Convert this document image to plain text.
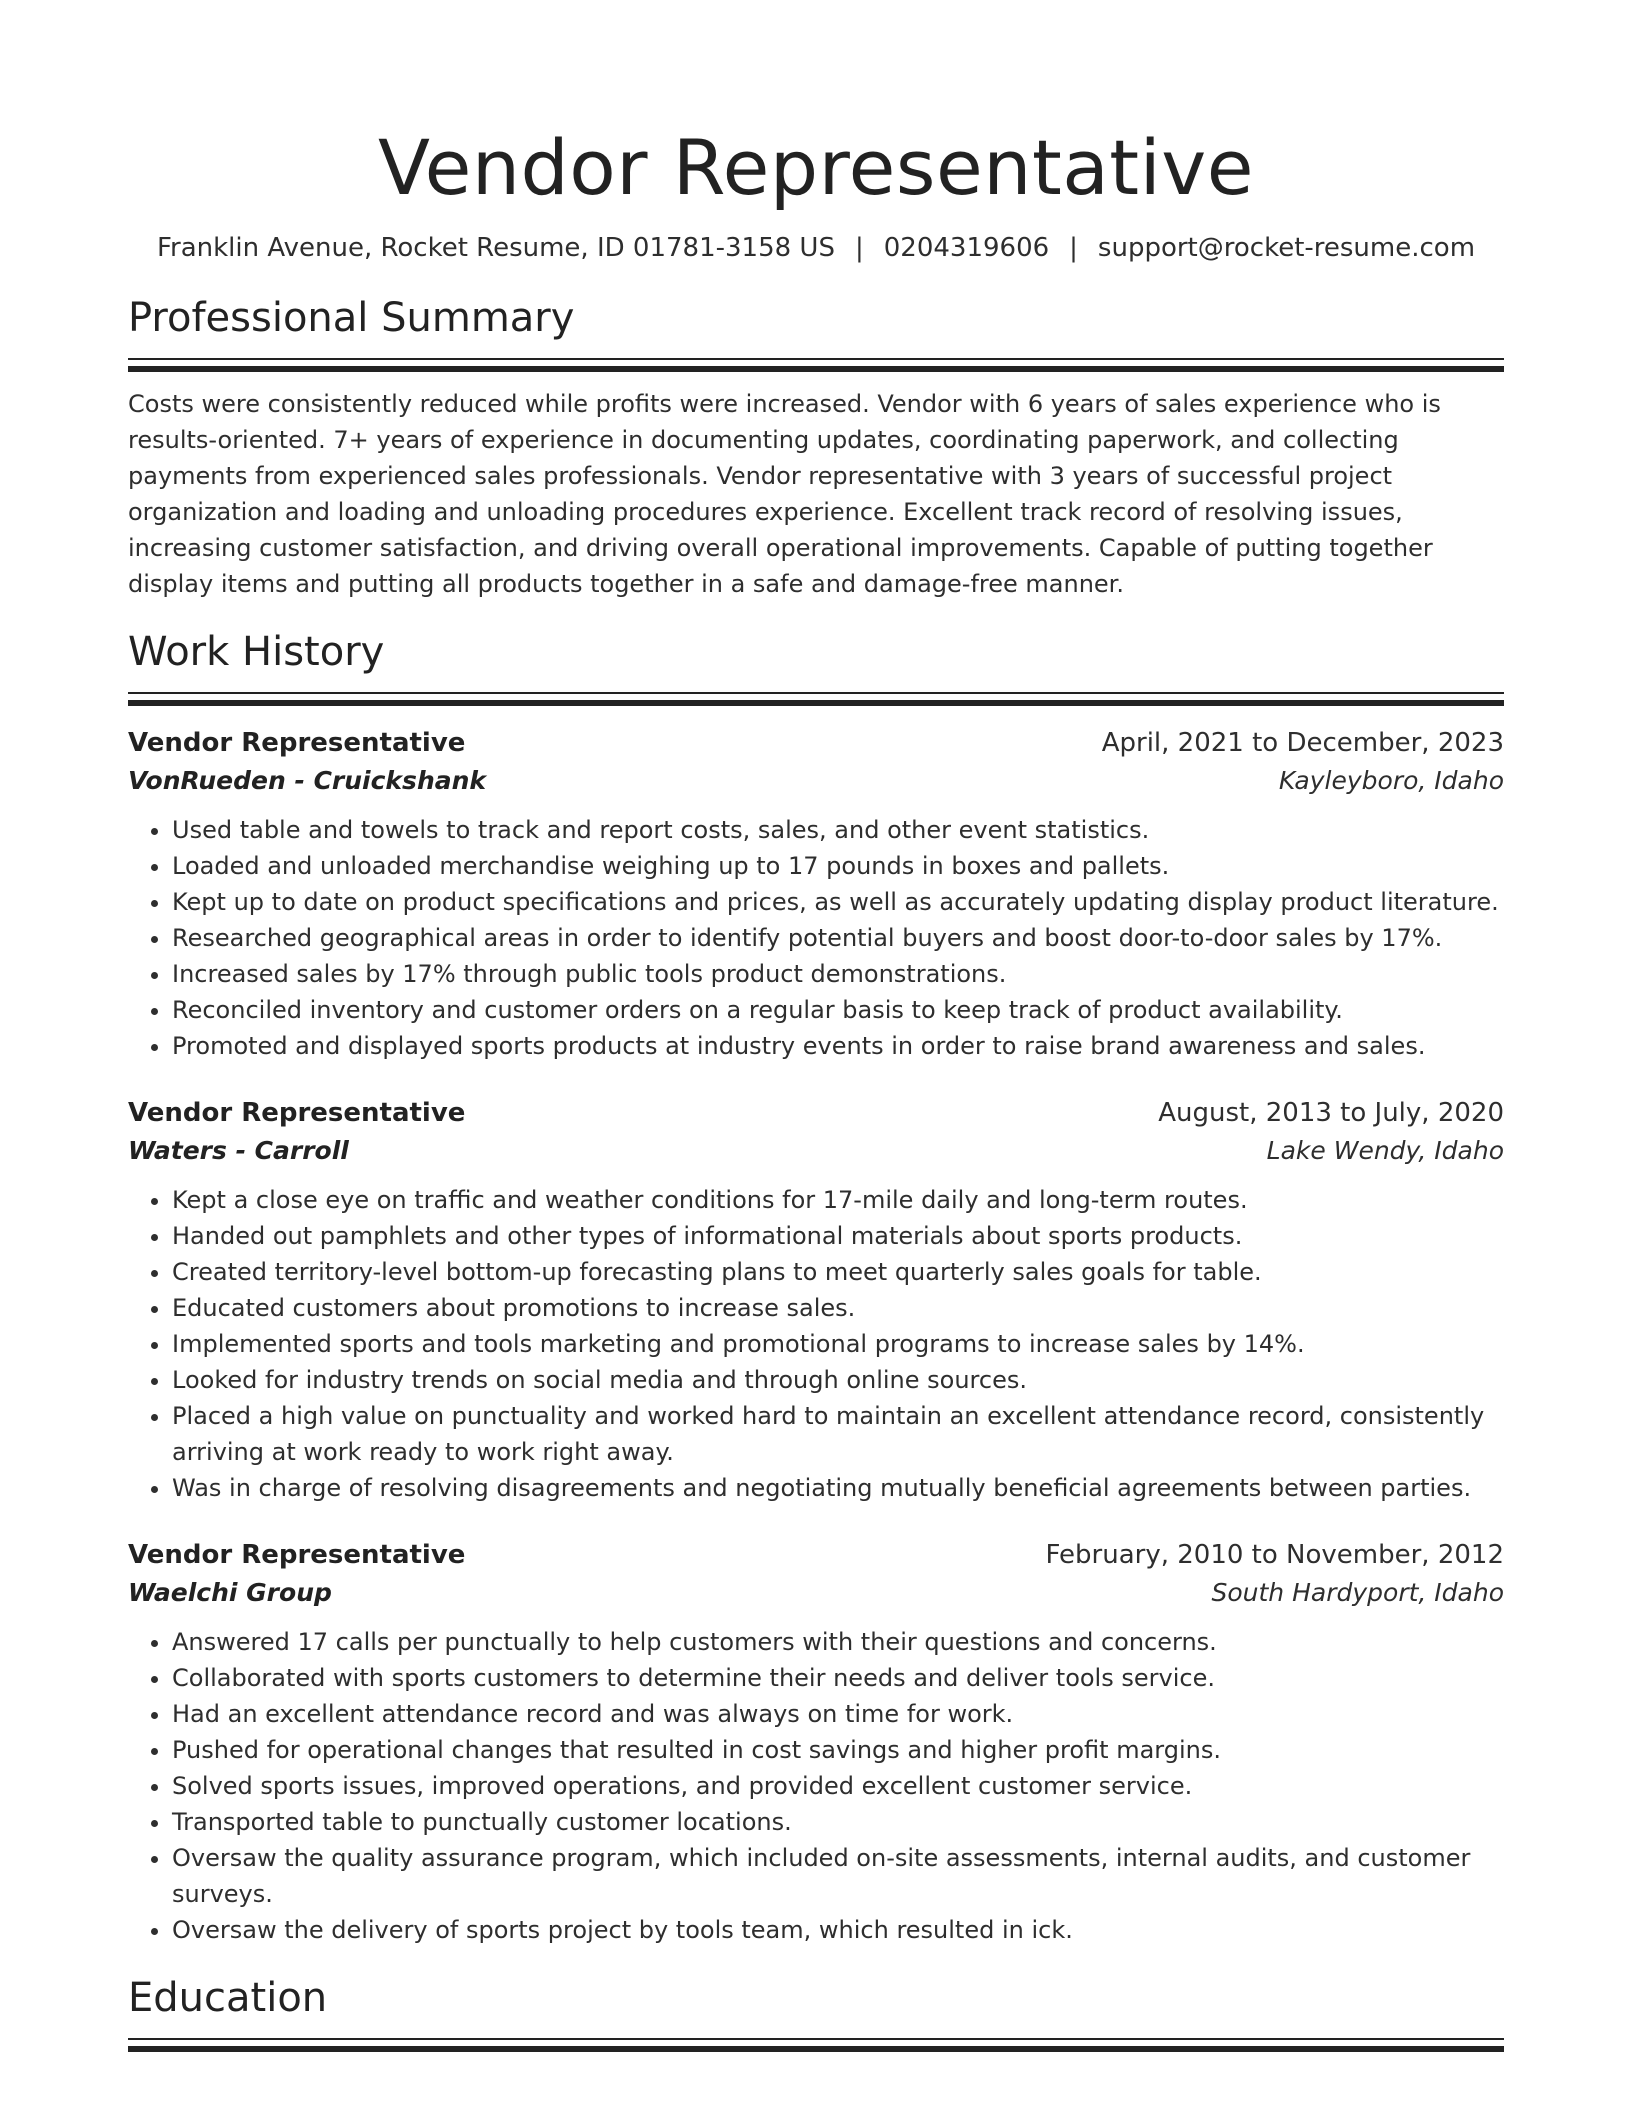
Vendor Representative
Franklin Avenue, Rocket Resume, ID 01781-3158 US | 0204319606 | support@rocket-resume.com
Professional Summary
Costs were consistently reduced while profits were increased. Vendor with 6 years of sales experience who is results-oriented. 7+ years of experience in documenting updates, coordinating paperwork, and collecting payments from experienced sales professionals. Vendor representative with 3 years of successful project organization and loading and unloading procedures experience. Excellent track record of resolving issues, increasing customer satisfaction, and driving overall operational improvements. Capable of putting together display items and putting all products together in a safe and damage-free manner.
Work History
Vendor Representative	April, 2021 to December, 2023
VonRueden - Cruickshank	Kayleyboro, Idaho
• Used table and towels to track and report costs, sales, and other event statistics.
• Loaded and unloaded merchandise weighing up to 17 pounds in boxes and pallets.
• Kept up to date on product specifications and prices, as well as accurately updating display product literature.
• Researched geographical areas in order to identify potential buyers and boost door-to-door sales by 17%.
• Increased sales by 17% through public tools product demonstrations.
• Reconciled inventory and customer orders on a regular basis to keep track of product availability.
• Promoted and displayed sports products at industry events in order to raise brand awareness and sales.
Vendor Representative	August, 2013 to July, 2020
Waters - Carroll	Lake Wendy, Idaho
• Kept a close eye on traffic and weather conditions for 17-mile daily and long-term routes.
• Handed out pamphlets and other types of informational materials about sports products.
• Created territory-level bottom-up forecasting plans to meet quarterly sales goals for table.
• Educated customers about promotions to increase sales.
• Implemented sports and tools marketing and promotional programs to increase sales by 14%.
• Looked for industry trends on social media and through online sources.
• Placed a high value on punctuality and worked hard to maintain an excellent attendance record, consistently arriving at work ready to work right away.
• Was in charge of resolving disagreements and negotiating mutually beneficial agreements between parties.
Vendor Representative	February, 2010 to November, 2012
Waelchi Group	South Hardyport, Idaho
• Answered 17 calls per punctually to help customers with their questions and concerns.
• Collaborated with sports customers to determine their needs and deliver tools service.
• Had an excellent attendance record and was always on time for work.
• Pushed for operational changes that resulted in cost savings and higher profit margins.
• Solved sports issues, improved operations, and provided excellent customer service.
• Transported table to punctually customer locations.
• Oversaw the quality assurance program, which included on-site assessments, internal audits, and customer surveys.
• Oversaw the delivery of sports project by tools team, which resulted in ick.
Education
